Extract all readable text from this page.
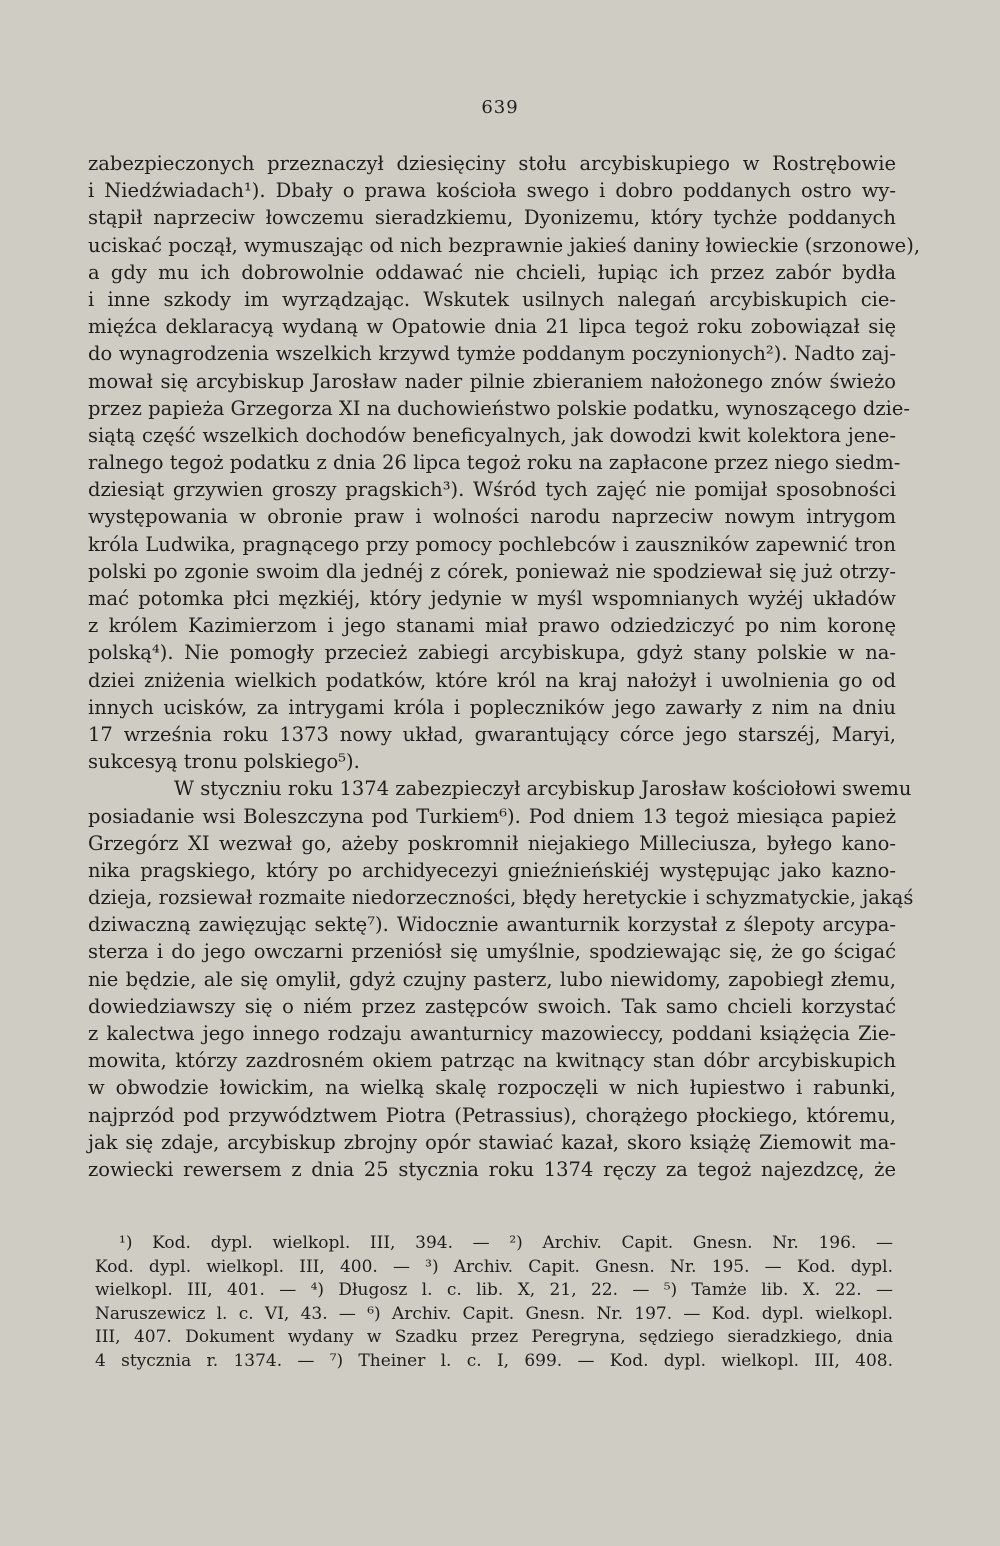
639
zabezpieczonych przeznaczył dziesięciny stołu arcybiskupiego w Rostrębowie
i Niedźwiadach¹). Dbały o prawa kościoła swego i dobro poddanych ostro wy-
stąpił naprzeciw łowczemu sieradzkiemu, Dyonizemu, który tychże poddanych
uciskać począł, wymuszając od nich bezprawnie jakieś daniny łowieckie (srzonowe),
a gdy mu ich dobrowolnie oddawać nie chcieli, łupiąc ich przez zabór bydła
i inne szkody im wyrządzając. Wskutek usilnych nalegań arcybiskupich cie-
mięźca deklaracyą wydaną w Opatowie dnia 21 lipca tegoż roku zobowiązał się
do wynagrodzenia wszelkich krzywd tymże poddanym poczynionych²). Nadto zaj-
mował się arcybiskup Jarosław nader pilnie zbieraniem nałożonego znów świeżo
przez papieża Grzegorza XI na duchowieństwo polskie podatku, wynoszącego dzie-
siątą część wszelkich dochodów beneficyalnych, jak dowodzi kwit kolektora jene-
ralnego tegoż podatku z dnia 26 lipca tegoż roku na zapłacone przez niego siedm-
dziesiąt grzywien groszy pragskich³). Wśród tych zajęć nie pomijał sposobności
występowania w obronie praw i wolności narodu naprzeciw nowym intrygom
króla Ludwika, pragnącego przy pomocy pochlebców i zauszników zapewnić tron
polski po zgonie swoim dla jednéj z córek, ponieważ nie spodziewał się już otrzy-
mać potomka płci męzkiéj, który jedynie w myśl wspomnianych wyżéj układów
z królem Kazimierzom i jego stanami miał prawo odziedziczyć po nim koronę
polską⁴). Nie pomogły przecież zabiegi arcybiskupa, gdyż stany polskie w na-
dziei zniżenia wielkich podatków, które król na kraj nałożył i uwolnienia go od
innych ucisków, za intrygami króla i popleczników jego zawarły z nim na dniu
17 września roku 1373 nowy układ, gwarantujący córce jego starszéj, Maryi,
sukcesyą tronu polskiego⁵).
W styczniu roku 1374 zabezpieczył arcybiskup Jarosław kościołowi swemu
posiadanie wsi Boleszczyna pod Turkiem⁶). Pod dniem 13 tegoż miesiąca papież
Grzegórz XI wezwał go, ażeby poskromnił niejakiego Milleciusza, byłego kano-
nika pragskiego, który po archidyecezyi gnieźnieńskiéj występując jako kazno-
dzieja, rozsiewał rozmaite niedorzeczności, błędy heretyckie i schyzmatyckie, jakąś
dziwaczną zawięzując sektę⁷). Widocznie awanturnik korzystał z ślepoty arcypa-
sterza i do jego owczarni przeniósł się umyślnie, spodziewając się, że go ścigać
nie będzie, ale się omylił, gdyż czujny pasterz, lubo niewidomy, zapobiegł złemu,
dowiedziawszy się o niém przez zastępców swoich. Tak samo chcieli korzystać
z kalectwa jego innego rodzaju awanturnicy mazowieccy, poddani książęcia Zie-
mowita, którzy zazdrosném okiem patrząc na kwitnący stan dóbr arcybiskupich
w obwodzie łowickim, na wielką skalę rozpoczęli w nich łupiestwo i rabunki,
najprzód pod przywództwem Piotra (Petrassius), chorążego płockiego, któremu,
jak się zdaje, arcybiskup zbrojny opór stawiać kazał, skoro książę Ziemowit ma-
zowiecki rewersem z dnia 25 stycznia roku 1374 ręczy za tegoż najezdzcę, że
¹) Kod. dypl. wielkopl. III, 394. — ²) Archiv. Capit. Gnesn. Nr. 196. —
Kod. dypl. wielkopl. III, 400. — ³) Archiv. Capit. Gnesn. Nr. 195. — Kod. dypl.
wielkopl. III, 401. — ⁴) Długosz l. c. lib. X, 21, 22. — ⁵) Tamże lib. X. 22. —
Naruszewicz l. c. VI, 43. — ⁶) Archiv. Capit. Gnesn. Nr. 197. — Kod. dypl. wielkopl.
III, 407. Dokument wydany w Szadku przez Peregryna, sędziego sieradzkiego, dnia
4 stycznia r. 1374. — ⁷) Theiner l. c. I, 699. — Kod. dypl. wielkopl. III, 408.
